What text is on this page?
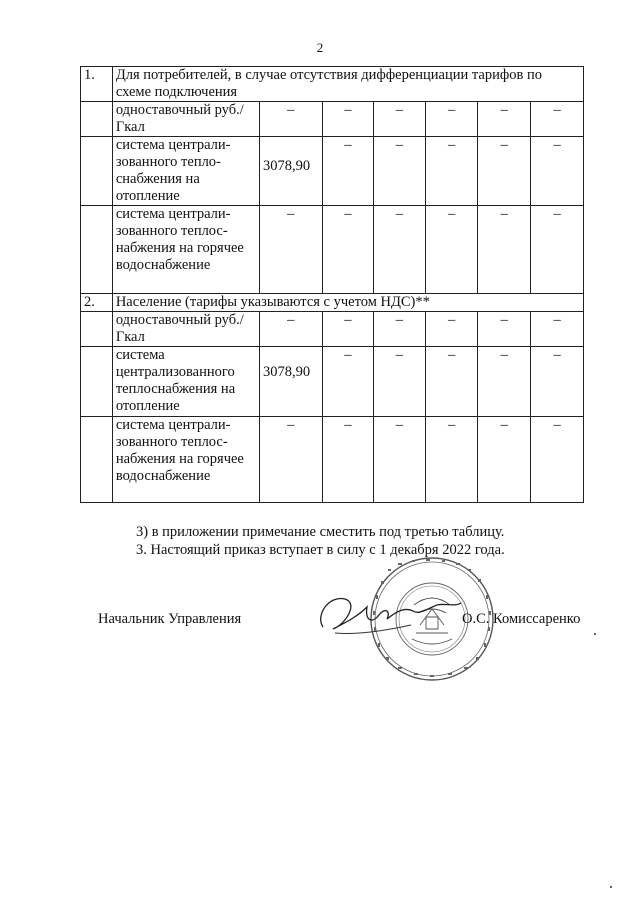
2
1.	Для потребителей, в случае отсутствия дифференциации тарифов по схеме подключения						
	одноставочный руб./Гкал	–	–	–	–	–	–
	система централи-зованного тепло-снабжения на отопление	3078,90	–	–	–	–	–
	система централи-зованного теплос-набжения на горячее водоснабжение	–	–	–	–	–	–
2.	Население (тарифы указываются с учетом НДС)**						
	одноставочный руб./Гкал	–	–	–	–	–	–
	система централизованного теплоснабжения на отопление	3078,90	–	–	–	–	–
	система централи-зованного теплос-набжения на горячее водоснабжение	–	–	–	–	–	–
3) в приложении примечание сместить под третью таблицу.
3. Настоящий приказ вступает в силу с 1 декабря 2022 года.
Начальник Управления	О.С. Комиссаренко
